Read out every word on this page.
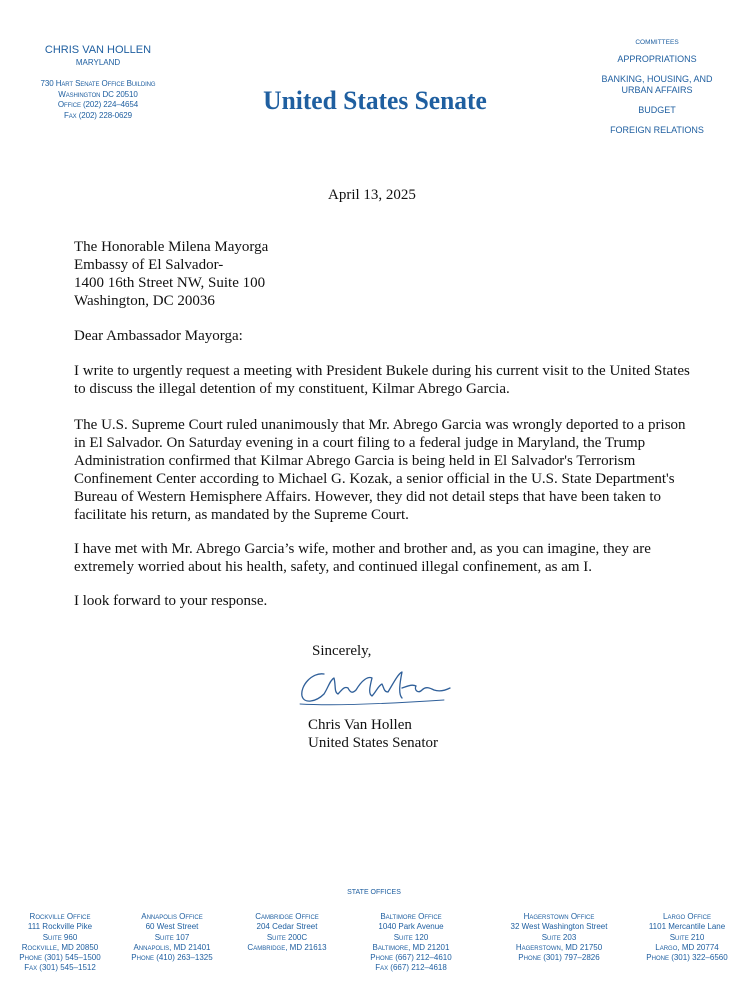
CHRIS VAN HOLLEN
MARYLAND
730 Hart Senate Office Building
Washington DC 20510
Office (202) 224–4654
Fax (202) 228-0629	United States Senate
COMMITTEES
APPROPRIATIONS
BANKING, HOUSING, AND URBAN AFFAIRS
BUDGET
FOREIGN RELATIONS
April 13, 2025
The Honorable Milena Mayorga
Embassy of El Salvador-
1400 16th Street NW, Suite 100
Washington, DC 20036
Dear Ambassador Mayorga:
I write to urgently request a meeting with President Bukele during his current visit to the United States to discuss the illegal detention of my constituent, Kilmar Abrego Garcia.
The U.S. Supreme Court ruled unanimously that Mr. Abrego Garcia was wrongly deported to a prison in El Salvador. On Saturday evening in a court filing to a federal judge in Maryland, the Trump Administration confirmed that Kilmar Abrego Garcia is being held in El Salvador's Terrorism Confinement Center according to Michael G. Kozak, a senior official in the U.S. State Department's Bureau of Western Hemisphere Affairs. However, they did not detail steps that have been taken to facilitate his return, as mandated by the Supreme Court.
I have met with Mr. Abrego Garcia’s wife, mother and brother and, as you can imagine, they are extremely worried about his health, safety, and continued illegal confinement, as am I.
I look forward to your response.
Sincerely,
Chris Van Hollen
United States Senator
STATE OFFICES
Rockville Office
111 Rockville Pike
Suite 960
Rockville, MD 20850
Phone (301) 545–1500
Fax (301) 545–1512
Annapolis Office
60 West Street
Suite 107
Annapolis, MD 21401
Phone (410) 263–1325
Cambridge Office
204 Cedar Street
Suite 200C
Cambridge, MD 21613
Baltimore Office
1040 Park Avenue
Suite 120
Baltimore, MD 21201
Phone (667) 212–4610
Fax (667) 212–4618
Hagerstown Office
32 West Washington Street
Suite 203
Hagerstown, MD 21750
Phone (301) 797–2826
Largo Office
1101 Mercantile Lane
Suite 210
Largo, MD 20774
Phone (301) 322–6560
